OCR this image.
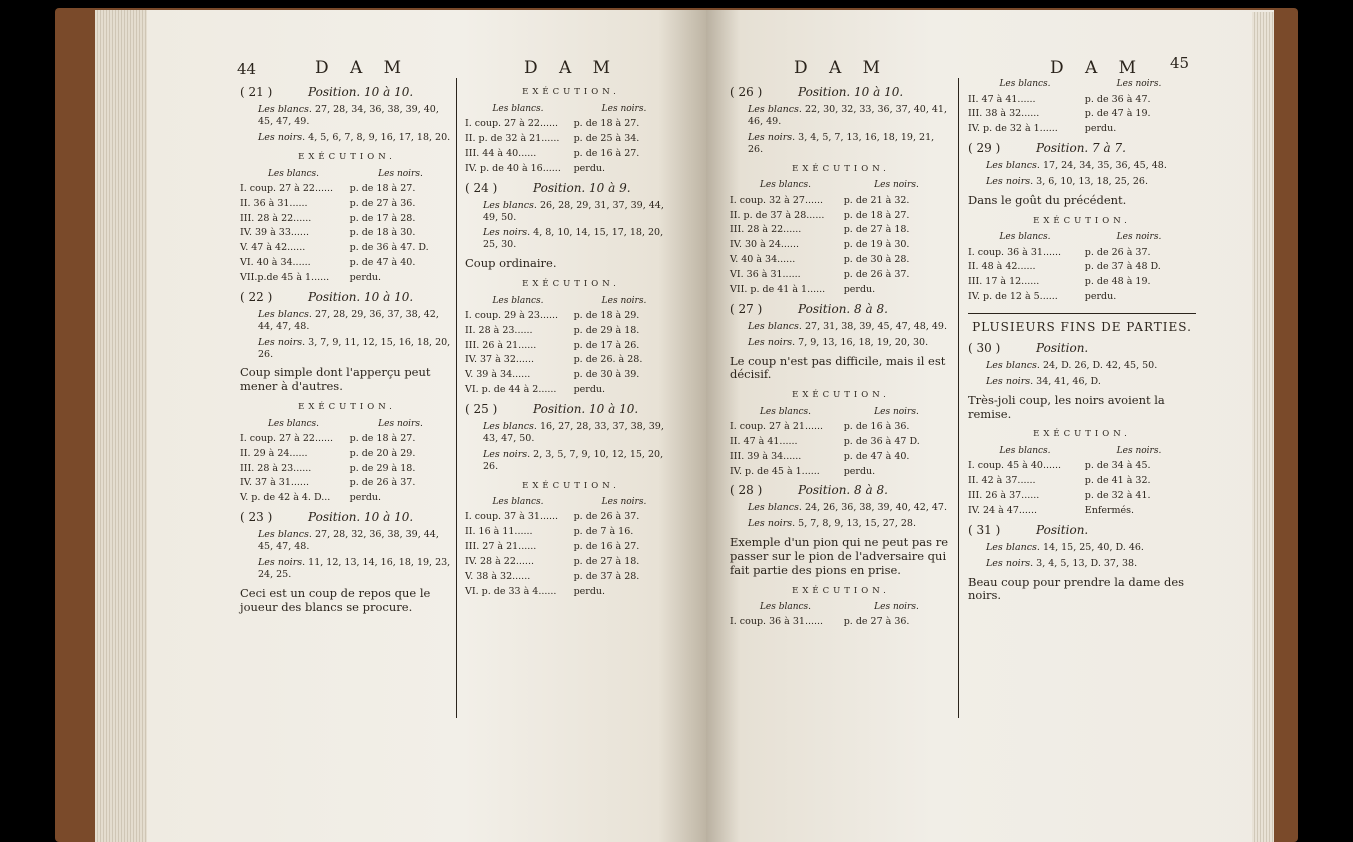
44	45
D A M
( 21 )	Position. 10 à 10.
Les blancs. 27, 28, 34, 36, 38, 39, 40, 45, 47, 49.
Les noirs. 4, 5, 6, 7, 8, 9, 16, 17, 18, 20.
EXÉCUTION.
Les blancs.	Les noirs.
I. coup. 27 à 22......	p. de 18 à 27.
II. 36 à 31......	p. de 27 à 36.
III. 28 à 22......	p. de 17 à 28.
IV. 39 à 33......	p. de 18 à 30.
V. 47 à 42......	p. de 36 à 47. D.
VI. 40 à 34......	p. de 47 à 40.
VII.p.de 45 à 1......	perdu.
( 22 )	Position. 10 à 10.
Les blancs. 27, 28, 29, 36, 37, 38, 42, 44, 47, 48.
Les noirs. 3, 7, 9, 11, 12, 15, 16, 18, 20, 26.
Coup simple dont l'apperçu peut mener à d'autres.
EXÉCUTION.
Les blancs.	Les noirs.
I. coup. 27 à 22......	p. de 18 à 27.
II. 29 à 24......	p. de 20 à 29.
III. 28 à 23......	p. de 29 à 18.
IV. 37 à 31......	p. de 26 à 37.
V. p. de 42 à 4. D...	perdu.
( 23 )	Position. 10 à 10.
Les blancs. 27, 28, 32, 36, 38, 39, 44, 45, 47, 48.
Les noirs. 11, 12, 13, 14, 16, 18, 19, 23, 24, 25.
Ceci est un coup de repos que le joueur des blancs se procure.
D A M
EXÉCUTION.
Les blancs.	Les noirs.
I. coup. 27 à 22......	p. de 18 à 27.
II. p. de 32 à 21......	p. de 25 à 34.
III. 44 à 40......	p. de 16 à 27.
IV. p. de 40 à 16......	perdu.
( 24 )	Position. 10 à 9.
Les blancs. 26, 28, 29, 31, 37, 39, 44, 49, 50.
Les noirs. 4, 8, 10, 14, 15, 17, 18, 20, 25, 30.
Coup ordinaire.
EXÉCUTION.
Les blancs.	Les noirs.
I. coup. 29 à 23......	p. de 18 à 29.
II. 28 à 23......	p. de 29 à 18.
III. 26 à 21......	p. de 17 à 26.
IV. 37 à 32......	p. de 26. à 28.
V. 39 à 34......	p. de 30 à 39.
VI. p. de 44 à 2......	perdu.
( 25 )	Position. 10 à 10.
Les blancs. 16, 27, 28, 33, 37, 38, 39, 43, 47, 50.
Les noirs. 2, 3, 5, 7, 9, 10, 12, 15, 20, 26.
EXÉCUTION.
Les blancs.	Les noirs.
I. coup. 37 à 31......	p. de 26 à 37.
II. 16 à 11......	p. de 7 à 16.
III. 27 à 21......	p. de 16 à 27.
IV. 28 à 22......	p. de 27 à 18.
V. 38 à 32......	p. de 37 à 28.
VI. p. de 33 à 4......	perdu.
D A M
( 26 )	Position. 10 à 10.
Les blancs. 22, 30, 32, 33, 36, 37, 40, 41, 46, 49.
Les noirs. 3, 4, 5, 7, 13, 16, 18, 19, 21, 26.
EXÉCUTION.
Les blancs.	Les noirs.
I. coup. 32 à 27......	p. de 21 à 32.
II. p. de 37 à 28......	p. de 18 à 27.
III. 28 à 22......	p. de 27 à 18.
IV. 30 à 24......	p. de 19 à 30.
V. 40 à 34......	p. de 30 à 28.
VI. 36 à 31......	p. de 26 à 37.
VII. p. de 41 à 1......	perdu.
( 27 )	Position. 8 à 8.
Les blancs. 27, 31, 38, 39, 45, 47, 48, 49.
Les noirs. 7, 9, 13, 16, 18, 19, 20, 30.
Le coup n'est pas difficile, mais il est décisif.
EXÉCUTION.
Les blancs.	Les noirs.
I. coup. 27 à 21......	p. de 16 à 36.
II. 47 à 41......	p. de 36 à 47 D.
III. 39 à 34......	p. de 47 à 40.
IV. p. de 45 à 1......	perdu.
( 28 )	Position. 8 à 8.
Les blancs. 24, 26, 36, 38, 39, 40, 42, 47.
Les noirs. 5, 7, 8, 9, 13, 15, 27, 28.
Exemple d'un pion qui ne peut pas re passer sur le pion de l'adversaire qui fait partie des pions en prise.
EXÉCUTION.
Les blancs.	Les noirs.
I. coup. 36 à 31......	p. de 27 à 36.
D A M
Les blancs.	Les noirs.
II. 47 à 41......	p. de 36 à 47.
III. 38 à 32......	p. de 47 à 19.
IV. p. de 32 à 1......	perdu.
( 29 )	Position. 7 à 7.
Les blancs. 17, 24, 34, 35, 36, 45, 48.
Les noirs. 3, 6, 10, 13, 18, 25, 26.
Dans le goût du précédent.
EXÉCUTION.
Les blancs.	Les noirs.
I. coup. 36 à 31......	p. de 26 à 37.
II. 48 à 42......	p. de 37 à 48 D.
III. 17 à 12......	p. de 48 à 19.
IV. p. de 12 à 5......	perdu.
PLUSIEURS FINS DE PARTIES.
( 30 )	Position.
Les blancs. 24, D. 26, D. 42, 45, 50.
Les noirs. 34, 41, 46, D.
Très-joli coup, les noirs avoient la remise.
EXÉCUTION.
Les blancs.	Les noirs.
I. coup. 45 à 40......	p. de 34 à 45.
II. 42 à 37......	p. de 41 à 32.
III. 26 à 37......	p. de 32 à 41.
IV. 24 à 47......	Enfermés.
( 31 )	Position.
Les blancs. 14, 15, 25, 40, D. 46.
Les noirs. 3, 4, 5, 13, D. 37, 38.
Beau coup pour prendre la dame des noirs.
